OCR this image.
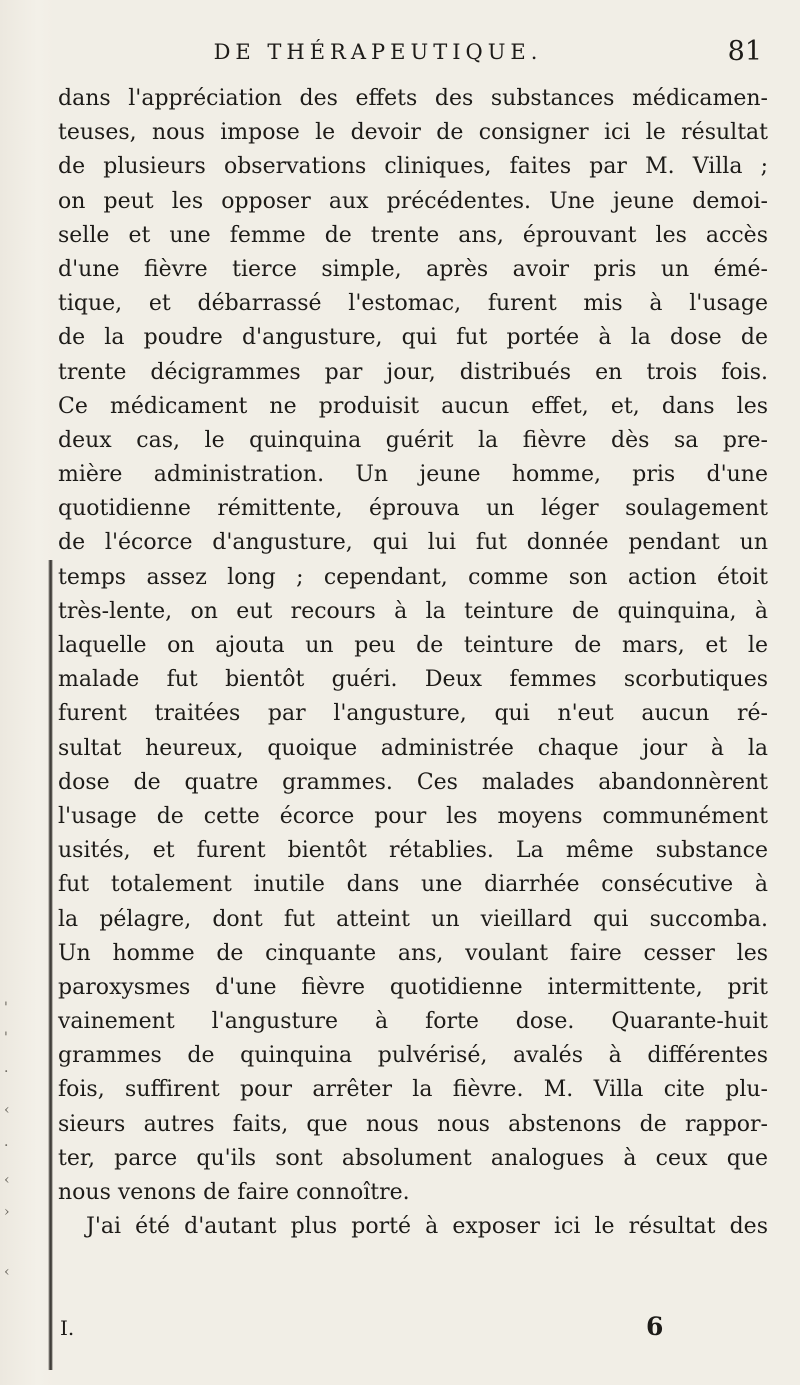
'
'
·
‹
·
‹
›
‹
DE THÉRAPEUTIQUE.	81
dans l'appréciation des effets des substances médicamen-
teuses, nous impose le devoir de consigner ici le résultat
de plusieurs observations cliniques, faites par M. Villa ;
on peut les opposer aux précédentes. Une jeune demoi-
selle et une femme de trente ans, éprouvant les accès
d'une fièvre tierce simple, après avoir pris un émé-
tique, et débarrassé l'estomac, furent mis à l'usage
de la poudre d'angusture, qui fut portée à la dose de
trente décigrammes par jour, distribués en trois fois.
Ce médicament ne produisit aucun effet, et, dans les
deux cas, le quinquina guérit la fièvre dès sa pre-
mière administration. Un jeune homme, pris d'une
quotidienne rémittente, éprouva un léger soulagement
de l'écorce d'angusture, qui lui fut donnée pendant un
temps assez long ; cependant, comme son action étoit
très-lente, on eut recours à la teinture de quinquina, à
laquelle on ajouta un peu de teinture de mars, et le
malade fut bientôt guéri. Deux femmes scorbutiques
furent traitées par l'angusture, qui n'eut aucun ré-
sultat heureux, quoique administrée chaque jour à la
dose de quatre grammes. Ces malades abandonnèrent
l'usage de cette écorce pour les moyens communément
usités, et furent bientôt rétablies. La même substance
fut totalement inutile dans une diarrhée consécutive à
la pélagre, dont fut atteint un vieillard qui succomba.
Un homme de cinquante ans, voulant faire cesser les
paroxysmes d'une fièvre quotidienne intermittente, prit
vainement l'angusture à forte dose. Quarante-huit
grammes de quinquina pulvérisé, avalés à différentes
fois, suffirent pour arrêter la fièvre. M. Villa cite plu-
sieurs autres faits, que nous nous abstenons de rappor-
ter, parce qu'ils sont absolument analogues à ceux que
nous venons de faire connoître.
J'ai été d'autant plus porté à exposer ici le résultat des
I.	6
